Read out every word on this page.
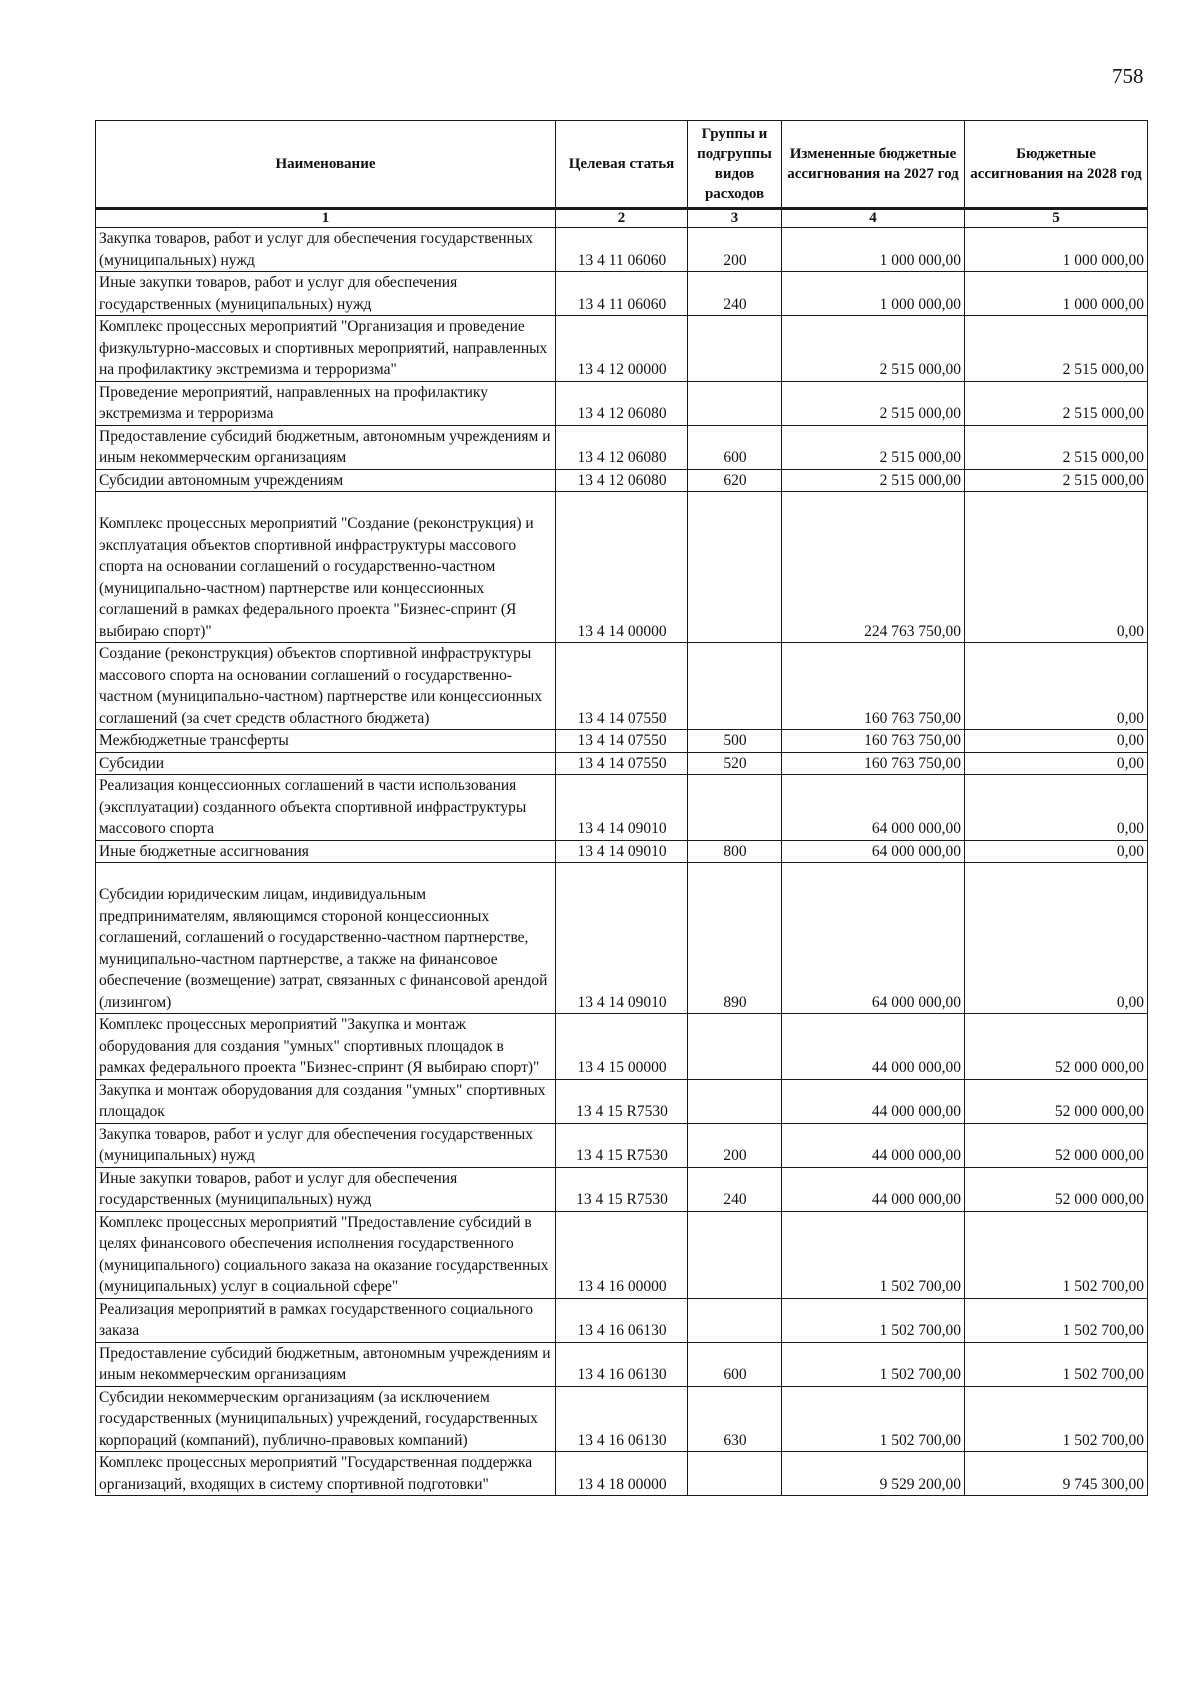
758
Наименование	Целевая статья	Группы и подгруппы видов расходов	Измененные бюджетные ассигнования на 2027 год	Бюджетные ассигнования на 2028 год
1	2	3	4	5
Закупка товаров, работ и услуг для обеспечения государственных (муниципальных) нужд	13 4 11 06060	200	1 000 000,00	1 000 000,00
Иные закупки товаров, работ и услуг для обеспечения государственных (муниципальных) нужд	13 4 11 06060	240	1 000 000,00	1 000 000,00
Комплекс процессных мероприятий "Организация и проведение физкультурно-массовых и спортивных мероприятий, направленных на профилактику экстремизма и терроризма"	13 4 12 00000		2 515 000,00	2 515 000,00
Проведение мероприятий, направленных на профилактику экстремизма и терроризма	13 4 12 06080		2 515 000,00	2 515 000,00
Предоставление субсидий бюджетным, автономным учреждениям и иным некоммерческим организациям	13 4 12 06080	600	2 515 000,00	2 515 000,00
Субсидии автономным учреждениям	13 4 12 06080	620	2 515 000,00	2 515 000,00
Комплекс процессных мероприятий "Создание (реконструкция) и эксплуатация объектов спортивной инфраструктуры массового спорта на основании соглашений о государственно-частном (муниципально-частном) партнерстве или концессионных соглашений в рамках федерального проекта "Бизнес-спринт (Я выбираю спорт)"	13 4 14 00000		224 763 750,00	0,00
Создание (реконструкция) объектов спортивной инфраструктуры массового спорта на основании соглашений о государственно-частном (муниципально-частном) партнерстве или концессионных соглашений (за счет средств областного бюджета)	13 4 14 07550		160 763 750,00	0,00
Межбюджетные трансферты	13 4 14 07550	500	160 763 750,00	0,00
Субсидии	13 4 14 07550	520	160 763 750,00	0,00
Реализация концессионных соглашений в части использования (эксплуатации) созданного объекта спортивной инфраструктуры массового спорта	13 4 14 09010		64 000 000,00	0,00
Иные бюджетные ассигнования	13 4 14 09010	800	64 000 000,00	0,00
Субсидии юридическим лицам, индивидуальным предпринимателям, являющимся стороной концессионных соглашений, соглашений о государственно-частном партнерстве, муниципально-частном партнерстве, а также на финансовое обеспечение (возмещение) затрат, связанных с финансовой арендой (лизингом)	13 4 14 09010	890	64 000 000,00	0,00
Комплекс процессных мероприятий "Закупка и монтаж оборудования для создания "умных" спортивных площадок в рамках федерального проекта "Бизнес-спринт (Я выбираю спорт)"	13 4 15 00000		44 000 000,00	52 000 000,00
Закупка и монтаж оборудования для создания "умных" спортивных площадок	13 4 15 R7530		44 000 000,00	52 000 000,00
Закупка товаров, работ и услуг для обеспечения государственных (муниципальных) нужд	13 4 15 R7530	200	44 000 000,00	52 000 000,00
Иные закупки товаров, работ и услуг для обеспечения государственных (муниципальных) нужд	13 4 15 R7530	240	44 000 000,00	52 000 000,00
Комплекс процессных мероприятий "Предоставление субсидий в целях финансового обеспечения исполнения государственного (муниципального) социального заказа на оказание государственных (муниципальных) услуг в социальной сфере"	13 4 16 00000		1 502 700,00	1 502 700,00
Реализация мероприятий в рамках государственного социального заказа	13 4 16 06130		1 502 700,00	1 502 700,00
Предоставление субсидий бюджетным, автономным учреждениям и иным некоммерческим организациям	13 4 16 06130	600	1 502 700,00	1 502 700,00
Субсидии некоммерческим организациям (за исключением государственных (муниципальных) учреждений, государственных корпораций (компаний), публично-правовых компаний)	13 4 16 06130	630	1 502 700,00	1 502 700,00
Комплекс процессных мероприятий "Государственная поддержка организаций, входящих в систему спортивной подготовки"	13 4 18 00000		9 529 200,00	9 745 300,00
